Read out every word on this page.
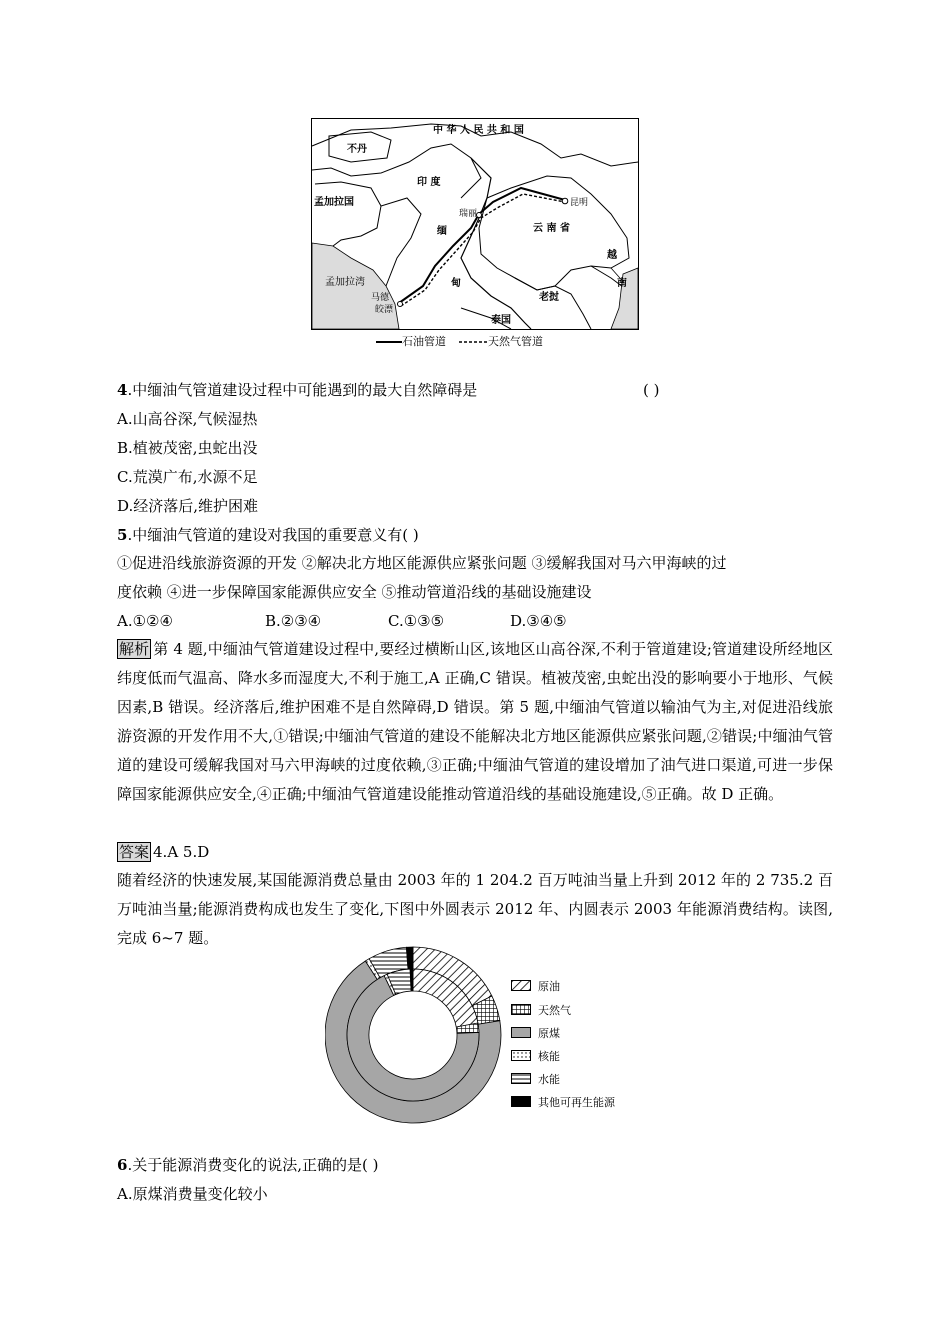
中 华 人 民 共 和 国
不丹
印 度
孟加拉国
缅
甸
瑞丽
昆明
云 南 省
越
南
老挝
泰国
孟加拉湾
马德
皎漂
石油管道	天然气管道
4.中缅油气管道建设过程中可能遇到的最大自然障碍是	( )
A.山高谷深,气候湿热
B.植被茂密,虫蛇出没
C.荒漠广布,水源不足
D.经济落后,维护困难
5.中缅油气管道的建设对我国的重要意义有( )
①促进沿线旅游资源的开发 ②解决北方地区能源供应紧张问题 ③缓解我国对马六甲海峡的过
度依赖 ④进一步保障国家能源供应安全 ⑤推动管道沿线的基础设施建设
A.①②④	B.②③④	C.①③⑤	D.③④⑤
解析 第 4 题,中缅油气管道建设过程中,要经过横断山区,该地区山高谷深,不利于管道建设;管道建设所经地区纬度低而气温高、降水多而湿度大,不利于施工,A 正确,C 错误。植被茂密,虫蛇出没的影响要小于地形、气候因素,B 错误。经济落后,维护困难不是自然障碍,D 错误。第 5 题,中缅油气管道以输油气为主,对促进沿线旅游资源的开发作用不大,①错误;中缅油气管道的建设不能解决北方地区能源供应紧张问题,②错误;中缅油气管道的建设可缓解我国对马六甲海峡的过度依赖,③正确;中缅油气管道的建设增加了油气进口渠道,可进一步保障国家能源供应安全,④正确;中缅油气管道建设能推动管道沿线的基础设施建设,⑤正确。故 D 正确。
答案 4.A 5.D
随着经济的快速发展,某国能源消费总量由 2003 年的 1 204.2 百万吨油当量上升到 2012 年的 2 735.2 百万吨油当量;能源消费构成也发生了变化,下图中外圆表示 2012 年、内圆表示 2003 年能源消费结构。读图,完成 6~7 题。
原油
天然气
原煤
核能
水能
其他可再生能源
6.关于能源消费变化的说法,正确的是( )
A.原煤消费量变化较小
